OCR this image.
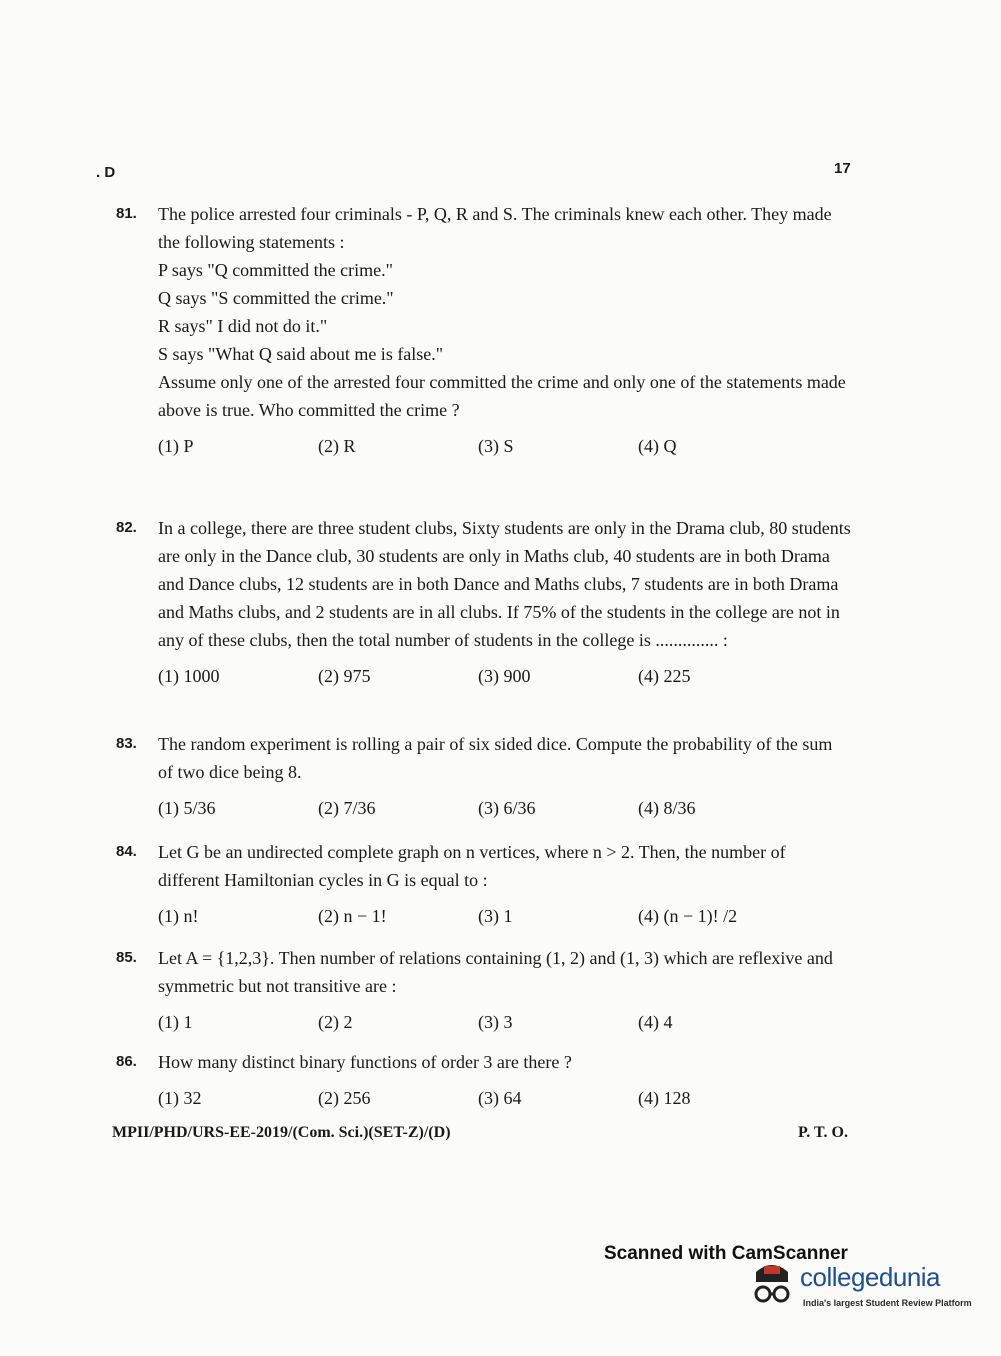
. D	17
81. The police arrested four criminals - P, Q, R and S. The criminals knew each other. They made the following statements :

P says "Q committed the crime."

Q says "S committed the crime."

R says" I did not do it."

S says "What Q said about me is false."

Assume only one of the arrested four committed the crime and only one of the statements made above is true. Who committed the crime ?

(1) P	(2) R	(3) S	(4) Q
82. In a college, there are three student clubs, Sixty students are only in the Drama club, 80 students are only in the Dance club, 30 students are only in Maths club, 40 students are in both Drama and Dance clubs, 12 students are in both Dance and Maths clubs, 7 students are in both Drama and Maths clubs, and 2 students are in all clubs. If 75% of the students in the college are not in any of these clubs, then the total number of students in the college is .............. :

(1) 1000	(2) 975	(3) 900	(4) 225
83. The random experiment is rolling a pair of six sided dice. Compute the probability of the sum of two dice being 8.

(1) 5/36	(2) 7/36	(3) 6/36	(4) 8/36
84. Let G be an undirected complete graph on n vertices, where n > 2. Then, the number of different Hamiltonian cycles in G is equal to :

(1) n!	(2) n − 1!	(3) 1	(4) (n − 1)! /2
85. Let A = {1,2,3}. Then number of relations containing (1, 2) and (1, 3) which are reflexive and symmetric but not transitive are :

(1) 1	(2) 2	(3) 3	(4) 4
86. How many distinct binary functions of order 3 are there ?

(1) 32	(2) 256	(3) 64	(4) 128
MPII/PHD/URS-EE-2019/(Com. Sci.)(SET-Z)/(D)	P. T. O.
Scanned with CamScanner
collegedunia
India's largest Student Review Platform
